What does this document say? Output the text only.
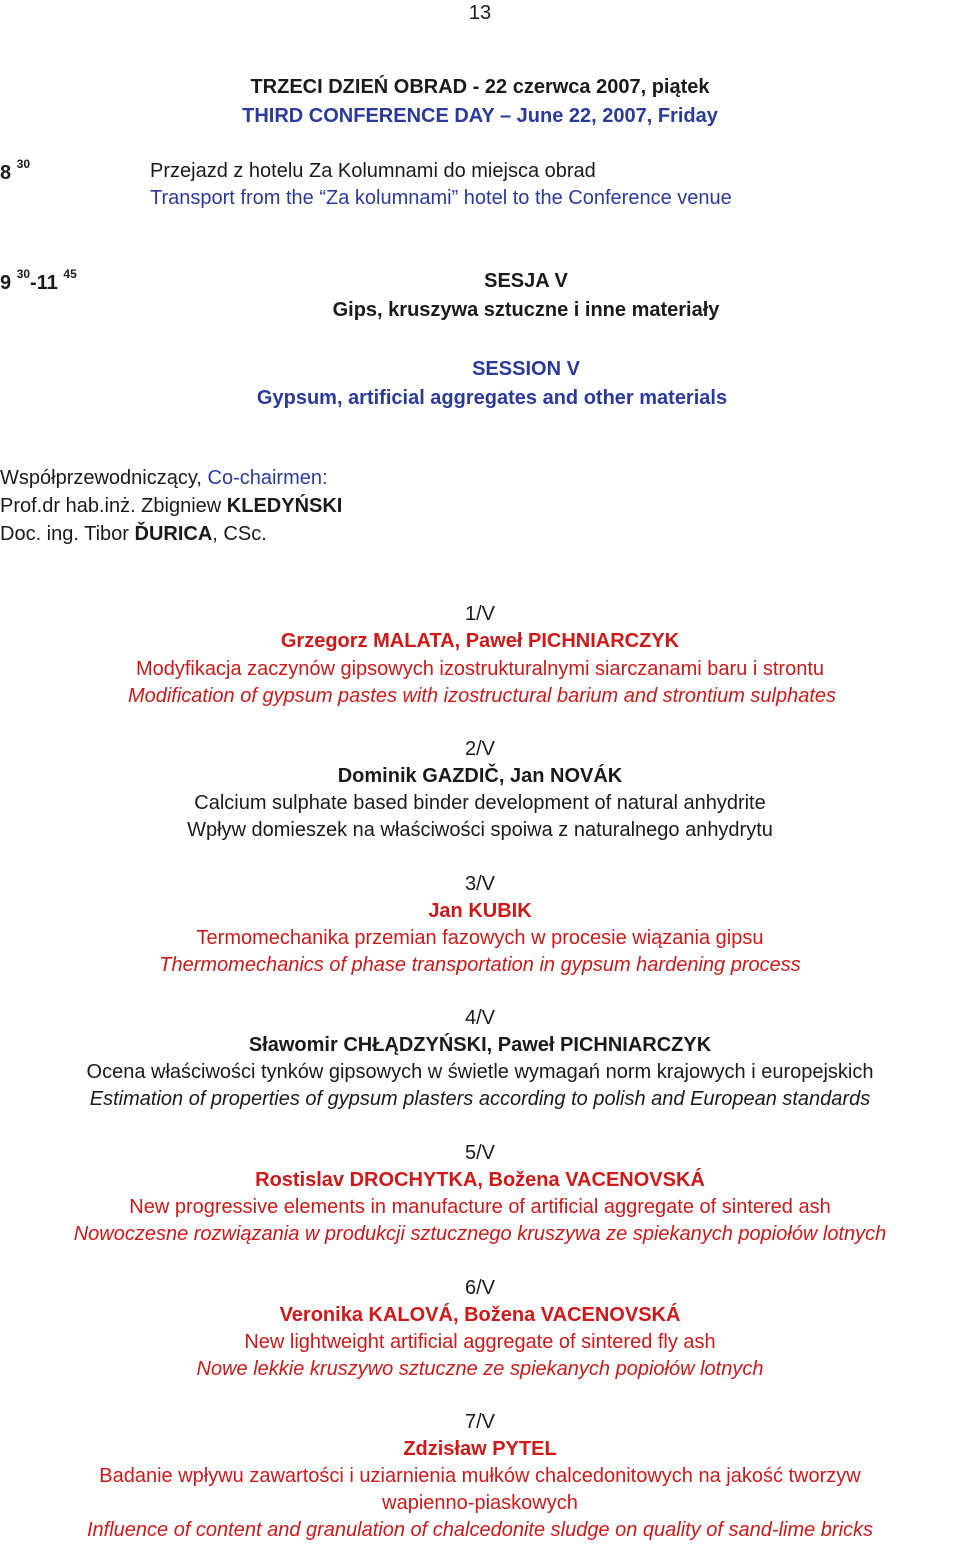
13
TRZECI DZIEŃ OBRAD - 22 czerwca 2007, piątek
THIRD CONFERENCE DAY – June 22, 2007, Friday
8 $^{30}$	Przejazd z hotelu Za Kolumnami do miejsca obrad
Transport from the “Za kolumnami” hotel to the Conference venue
9 $^{30}$-11 $^{45}$	SESJA V
Gips, kruszywa sztuczne i inne materiały
SESSION V
Gypsum, artificial aggregates and other materials
Współprzewodniczący, Co-chairmen:
Prof.dr hab.inż. Zbigniew KLEDYŃSKI
Doc. ing. Tibor ĎURICA, CSc.
1/V
Grzegorz MALATA, Paweł PICHNIARCZYK
Modyfikacja zaczynów gipsowych izostrukturalnymi siarczanami baru i strontu
Modification of gypsum pastes with izostructural barium and strontium sulphates
2/V
Dominik GAZDIČ, Jan NOVÁK
Calcium sulphate based binder development of natural anhydrite
Wpływ domieszek na właściwości spoiwa z naturalnego anhydrytu
3/V
Jan KUBIK
Termomechanika przemian fazowych w procesie wiązania gipsu
Thermomechanics of phase transportation in gypsum hardening process
4/V
Sławomir CHŁĄDZYŃSKI, Paweł PICHNIARCZYK
Ocena właściwości tynków gipsowych w świetle wymagań norm krajowych i europejskich
Estimation of properties of gypsum plasters according to polish and European standards
5/V
Rostislav DROCHYTKA, Božena VACENOVSKÁ
New progressive elements in manufacture of artificial aggregate of sintered ash
Nowoczesne rozwiązania w produkcji sztucznego kruszywa ze spiekanych popiołów lotnych
6/V
Veronika KALOVÁ, Božena VACENOVSKÁ
New lightweight artificial aggregate of sintered fly ash
Nowe lekkie kruszywo sztuczne ze spiekanych popiołów lotnych
7/V
Zdzisław PYTEL
Badanie wpływu zawartości i uziarnienia mułków chalcedonitowych na jakość tworzyw
wapienno-piaskowych
Influence of content and granulation of chalcedonite sludge on quality of sand-lime bricks
